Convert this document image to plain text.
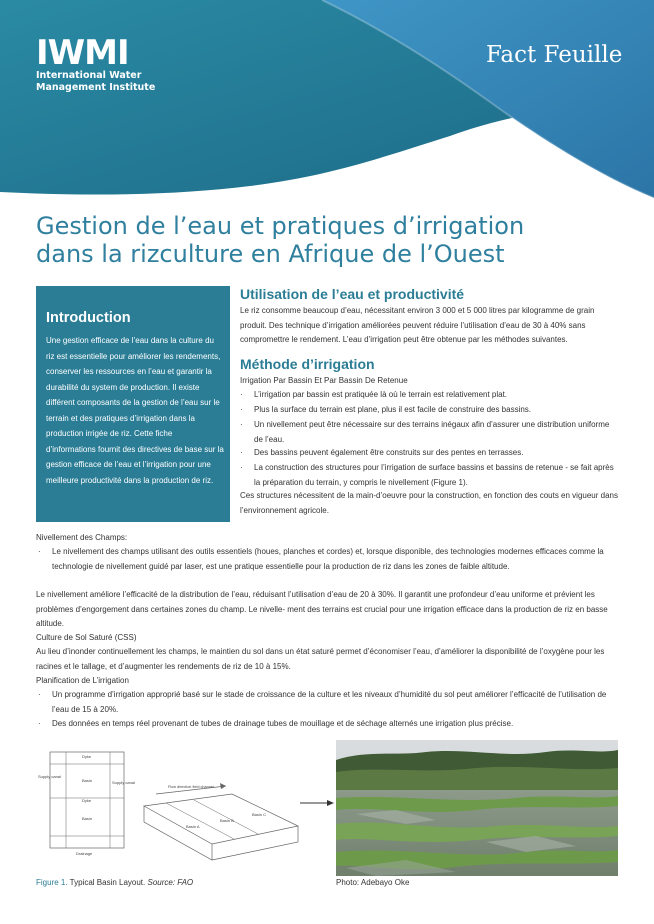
IWMI
International Water
Management Institute
Fact Feuille
Gestion de l’eau et pratiques d’irrigation
dans la rizculture en Afrique de l’Ouest
Introduction

Une gestion efficace de l’eau dans la culture du riz est essentielle pour améliorer les rendements, conserver les ressources en l’eau et garantir la durabilité du system de production. Il existe différent composants de la gestion de l’eau sur le terrain et des pratiques d’irrigation dans la production irrigée de riz. Cette fiche d’informations fournit des directives de base sur la gestion efficace de l’eau et l’irrigation pour une meilleure productivité dans la production de riz.

Utilisation de l’eau et productivité

Le riz consomme beaucoup d’eau, nécessitant environ 3 000 et 5 000 litres par kilogramme de grain produit. Des technique d’irrigation améliorées peuvent réduire l’utilisation d’eau de 30 à 40% sans compromettre le rendement. L’eau d’irrigation peut être obtenue par les méthodes suivantes.

Méthode d’irrigation

Irrigation Par Bassin Et Par Bassin De Retenue

· L’irrigation par bassin est pratiquée là où le terrain est relativement plat.

· Plus la surface du terrain est plane, plus il est facile de construire des bassins.

· Un nivellement peut être nécessaire sur des terrains inégaux afin d’assurer une distribution uniforme de l’eau.

· Des bassins peuvent également être construits sur des pentes en terrasses.

· La construction des structures pour l’irrigation de surface bassins et bassins de retenue - se fait après la préparation du terrain, y compris le nivellement (Figure 1).

Ces structures nécessitent de la main-d’oeuvre pour la construction, en fonction des couts en vigueur dans l’environnement agricole.

Nivellement des Champs:

· Le nivellement des champs utilisant des outils essentiels (houes, planches et cordes) et, lorsque disponible, des technologies modernes efficaces comme la technologie de nivellement guidé par laser, est une pratique essentielle pour la production de riz dans les zones de faible altitude.

Le nivellement améliore l’efficacité de la distribution de l’eau, réduisant l’utilisation d’eau de 20 à 30%. Il garantit une profondeur d’eau uniforme et prévient les problèmes d’engorgement dans certaines zones du champ. Le nivelle- ment des terrains est crucial pour une irrigation efficace dans la production de riz en basse altitude.

Culture de Sol Saturé (CSS)

Au lieu d’inonder continuellement les champs, le maintien du sol dans un état saturé permet d’économiser l’eau, d’améliorer la disponibilité de l’oxygène pour les racines et le tallage, et d’augmenter les rendements de riz de 10 à 15%.

Planification de L’irrigation

· Un programme d’irrigation approprié basé sur le stade de croissance de la culture et les niveaux d’humidité du sol peut améliorer l’efficacité de l’utilisation de l’eau de 15 à 20%.

· Des données en temps réel provenant de tubes de drainage tubes de mouillage et de séchage alternés une irrigation plus précise.

Dyke
Supply canal
Drainage
Dyke
Basin
Basin
Supply canal
Flow direction field channel
Basin A
Basin B
Basin C
Figure 1. Typical Basin Layout. Source: FAO	Photo: Adebayo Oke
